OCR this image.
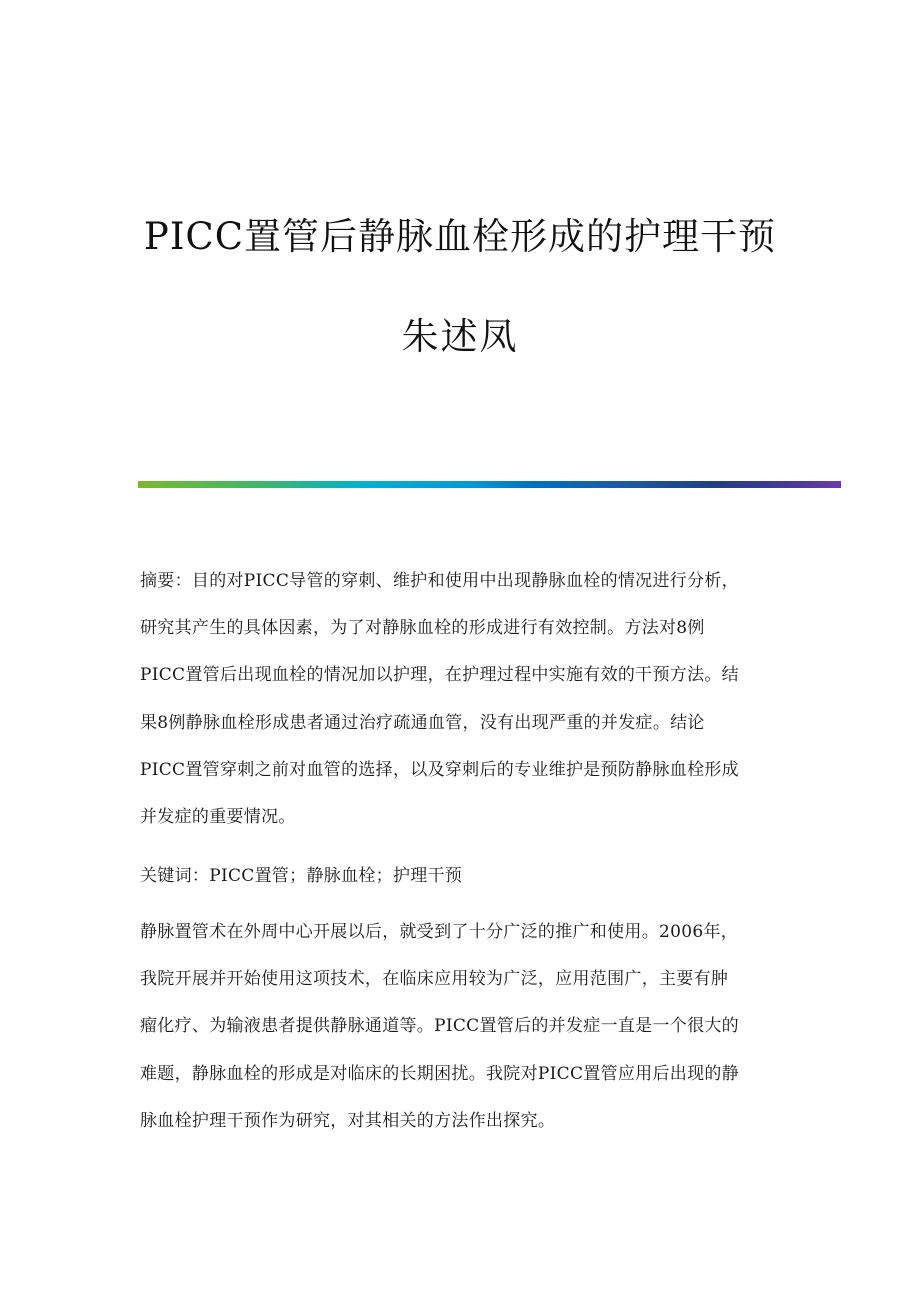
PICC置管后静脉血栓形成的护理干预
朱述凤
摘要：目的对PICC导管的穿刺、维护和使用中出现静脉血栓的情况进行分析，
研究其产生的具体因素，为了对静脉血栓的形成进行有效控制。方法对8例
PICC置管后出现血栓的情况加以护理，在护理过程中实施有效的干预方法。结
果8例静脉血栓形成患者通过治疗疏通血管，没有出现严重的并发症。结论
PICC置管穿刺之前对血管的选择，以及穿刺后的专业维护是预防静脉血栓形成
并发症的重要情况。
关键词：PICC置管；静脉血栓；护理干预
静脉置管术在外周中心开展以后，就受到了十分广泛的推广和使用。2006年，
我院开展并开始使用这项技术，在临床应用较为广泛，应用范围广，主要有肿
瘤化疗、为输液患者提供静脉通道等。PICC置管后的并发症一直是一个很大的
难题，静脉血栓的形成是对临床的长期困扰。我院对PICC置管应用后出现的静
脉血栓护理干预作为研究，对其相关的方法作出探究。
